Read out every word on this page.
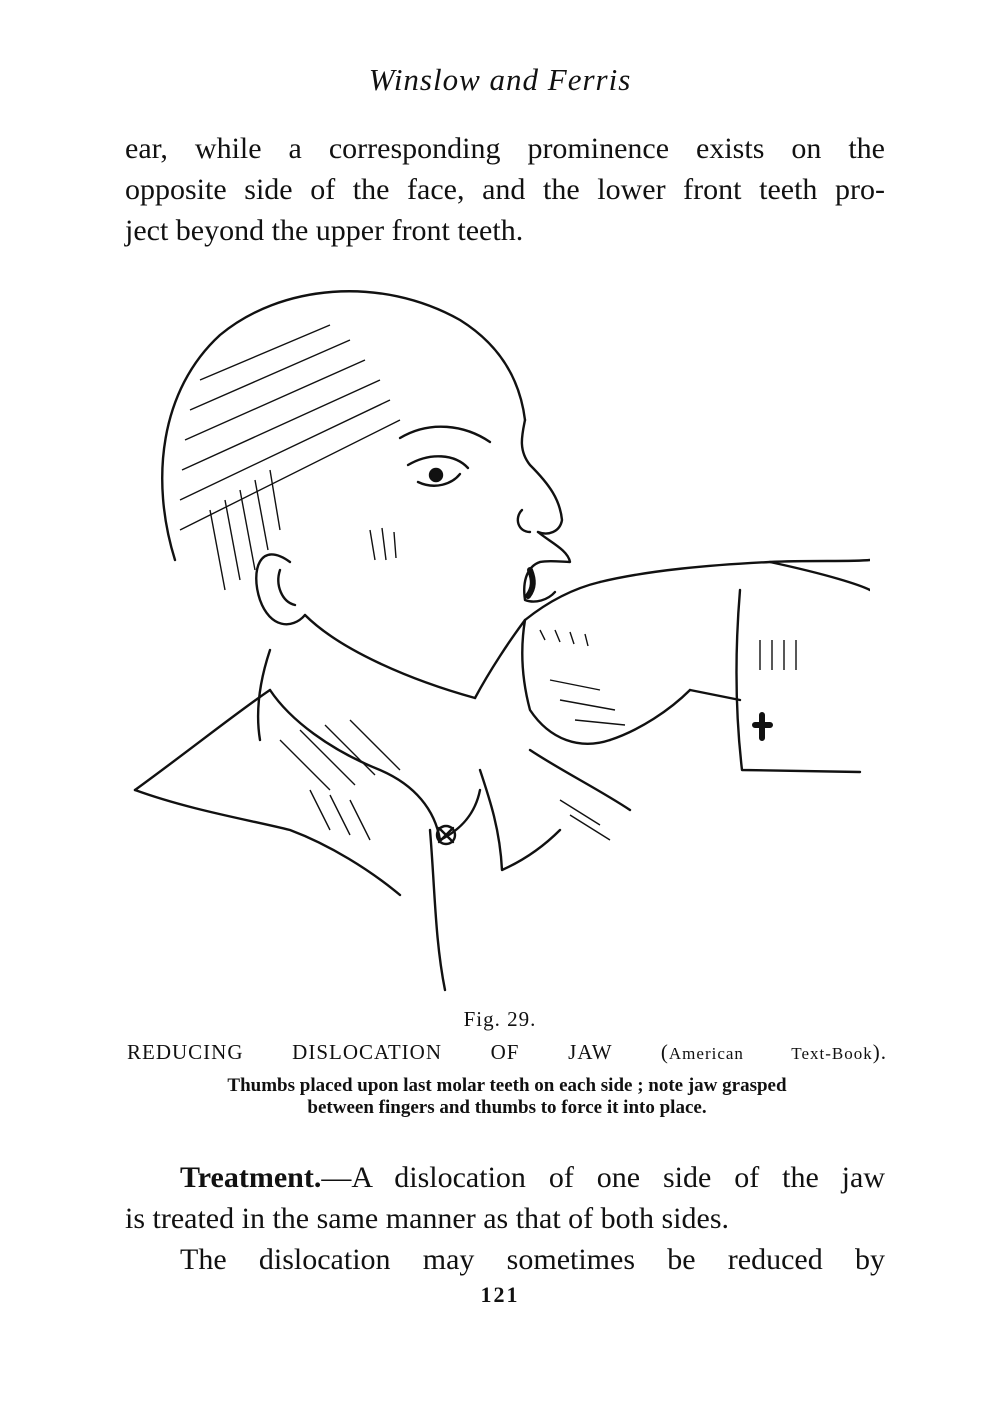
Winslow and Ferris
ear, while a corresponding prominence exists on the
opposite side of the face, and the lower front teeth pro-
ject beyond the upper front teeth.
Fig. 29.
REDUCING DISLOCATION OF JAW (American Text-Book).
Thumbs placed upon last molar teeth on each side ; note jaw grasped
between fingers and thumbs to force it into place.
Treatment.—A dislocation of one side of the jaw
is treated in the same manner as that of both sides.
The dislocation may sometimes be reduced by
121
